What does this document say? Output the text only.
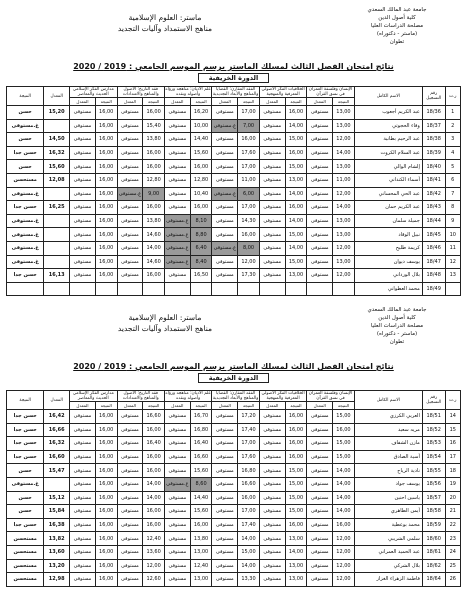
جامعة عبد المالك السعدي
كلية أصول الدين
مصلحة الدراسات العليا
(ماستر - دكتوراه)
تطوان
ماستر: العلوم الإسلامية
مناهج الاستمداد وآليات التجديد
نتائج امتحان الفصل الثالث لمسلك الماستر برسم الموسم الجامعي : 2019 / 2020
الدورة الخريفية
ر.ت	رقم التسجيل	الاسم الكامل	الإنسان وفلسفة العمران في نسق القرآن		الخلافيات الفكر الأصولي المعرفية والمنهجية		الفقه المقارن: القضايا والمناهج والأبعاد التجديدية		علم الأديان: مناهجه ورؤاه وأصوله ونقده		فقه التاريخ: الأصول والمناهج والامتدادات		مدارس الفكر الإسلامي الحديث والمعاصر		المعدل	النتيجة
			النتيجة	المعدل	النتيجة	المعدل	النتيجة	المعدل	النتيجة	المعدل	النتيجة	المعدل	النتيجة	المعدل		
1	18/36	عبد الكريم أجعوب	13,00	مستوفى	16,00	مستوفى	17,00	مستوفى	16,20	مستوفى	16,00	مستوفى	16,00	مستوفى	15,20	حسن
2	18/37	وفاء الحجوتي	13,00	مستوفى	14,00	مستوفى	7,00	غ.مستوفى	10,00	مستوفى	15,40	مستوفى	16,00	مستوفى		غ.مستوفى
3	18/38	عبد الرحيم بطانية	12,00	مستوفى	15,00	مستوفى	16,00	مستوفى	14,40	مستوفى	13,80	مستوفى	16,00	مستوفى	14,50	حسن
4	18/39	عبد السلام الكروت	14,00	مستوفى	16,00	مستوفى	17,60	مستوفى	15,60	مستوفى	16,00	مستوفى	16,00	مستوفى	16,32	حسن جدا
5	18/40	إلشام الوالي	13,00	مستوفى	15,00	مستوفى	17,00	مستوفى	16,00	مستوفى	16,00	مستوفى	16,00	مستوفى	15,60	حسن
6	18/41	أسماء الكنداني	11,00	مستوفى	13,00	مستوفى	11,00	مستوفى	12,80	مستوفى	12,80	مستوفى	16,00	مستوفى	12,08	مستحسن
7	18/42	عبد الحي المحساني	12,00	مستوفى	14,00	مستوفى	6,00	غ.مستوفى	10,40	مستوفى	9,00	غ.مستوفى	16,00	مستوفى		غ.مستوفى
8	18/43	عبد الكريم حمان	14,00	مستوفى	16,00	مستوفى	17,00	مستوفى	16,00	مستوفى	16,00	مستوفى	16,00	مستوفى	16,25	حسن جدا
9	18/44	جميلة سلمان	13,00	مستوفى	14,00	مستوفى	14,30	مستوفى	8,10	غ.مستوفى	13,80	مستوفى	16,00	مستوفى		غ.مستوفى
10	18/45	نبيل الوقاد	13,00	مستوفى	15,00	مستوفى	16,00	مستوفى	8,80	غ.مستوفى	14,60	مستوفى	16,00	مستوفى		غ.مستوفى
11	18/46	كريمة طليح	12,00	مستوفى	14,00	مستوفى	8,00	غ.مستوفى	6,40	غ.مستوفى	14,00	مستوفى	16,00	مستوفى		غ.مستوفى
12	18/47	يوسف ديوان	13,00	مستوفى	15,00	مستوفى	12,00	مستوفى	8,40	غ.مستوفى	14,60	مستوفى	16,00	مستوفى		غ.مستوفى
13	18/48	بلال الورداني	12,00	مستوفى	13,00	مستوفى	17,30	مستوفى	16,50	مستوفى	16,00	مستوفى	16,00	مستوفى	16,13	حسن جدا
	18/49	محمد العطواني														
جامعة عبد المالك السعدي
كلية أصول الدين
مصلحة الدراسات العليا
(ماستر - دكتوراه)
تطوان
ماستر: العلوم الإسلامية
مناهج الاستمداد وآليات التجديد
نتائج امتحان الفصل الثالث لمسلك الماستر برسم الموسم الجامعي : 2019 / 2020
الدورة الخريفية
ر.ت	رقم التسجيل	الاسم الكامل	الإنسان وفلسفة العمران في نسق القرآن		الخلافيات الفكر الأصولي المعرفية والمنهجية		الفقه المقارن: القضايا والمناهج والأبعاد التجديدية		علم الأديان: مناهجه ورؤاه وأصوله ونقده		فقه التاريخ: الأصول والمناهج والامتدادات		مدارس الفكر الإسلامي الحديث والمعاصر		المعدل	النتيجة
			النتيجة	المعدل	النتيجة	المعدل	النتيجة	المعدل	النتيجة	المعدل	النتيجة	المعدل	النتيجة	المعدل		
14	18/51	العربي الكرزي	15,00	مستوفى	16,00	مستوفى	17,20	مستوفى	16,70	مستوفى	16,60	مستوفى	16,00	مستوفى	16,42	حسن جدا
15	18/52	مريه سعيد	16,00	مستوفى	16,00	مستوفى	17,40	مستوفى	16,80	مستوفى	16,00	مستوفى	16,00	مستوفى	16,66	حسن جدا
16	18/53	مازن الشفاف	15,00	مستوفى	16,00	مستوفى	17,00	مستوفى	16,40	مستوفى	16,40	مستوفى	16,00	مستوفى	16,32	حسن جدا
17	18/54	أسية الصادق	15,00	مستوفى	16,00	مستوفى	17,60	مستوفى	16,60	مستوفى	16,00	مستوفى	16,00	مستوفى	16,60	حسن جدا
18	18/55	نادية الرياح	14,00	مستوفى	15,00	مستوفى	16,80	مستوفى	15,60	مستوفى	16,00	مستوفى	16,00	مستوفى	15,47	حسن
19	18/56	يوسف جواد	14,00	مستوفى	15,00	مستوفى	16,60	مستوفى	8,60	غ.مستوفى	14,00	مستوفى	16,00	مستوفى		غ.مستوفى
20	18/57	ياسين احنين	14,00	مستوفى	15,00	مستوفى	16,00	مستوفى	14,40	مستوفى	14,00	مستوفى	16,00	مستوفى	15,12	حسن
21	18/58	أيمن الطاهري	14,00	مستوفى	15,00	مستوفى	17,00	مستوفى	15,60	مستوفى	16,00	مستوفى	16,00	مستوفى	15,84	حسن
22	18/59	محمد بوعطية	16,00	مستوفى	16,00	مستوفى	17,40	مستوفى	16,00	مستوفى	16,00	مستوفى	16,00	مستوفى	16,38	حسن جدا
23	18/60	سلمى الشريبي	12,00	مستوفى	13,00	مستوفى	14,00	مستوفى	13,80	مستوفى	12,40	مستوفى	16,00	مستوفى	13,82	مستحسن
24	18/61	عبد الحميد العمراني	12,00	مستوفى	14,00	مستوفى	15,00	مستوفى	13,00	مستوفى	13,60	مستوفى	16,00	مستوفى	13,60	مستحسن
25	18/62	بلال الشركي	12,00	مستوفى	13,00	مستوفى	14,00	مستوفى	12,40	مستوفى	12,00	مستوفى	16,00	مستوفى	13,20	مستحسن
26	18/64	فاطمة الزهراء الغزاز	12,00	مستوفى	13,00	مستوفى	13,30	مستوفى	13,00	مستوفى	12,60	مستوفى	16,00	مستوفى	12,98	مستحسن
